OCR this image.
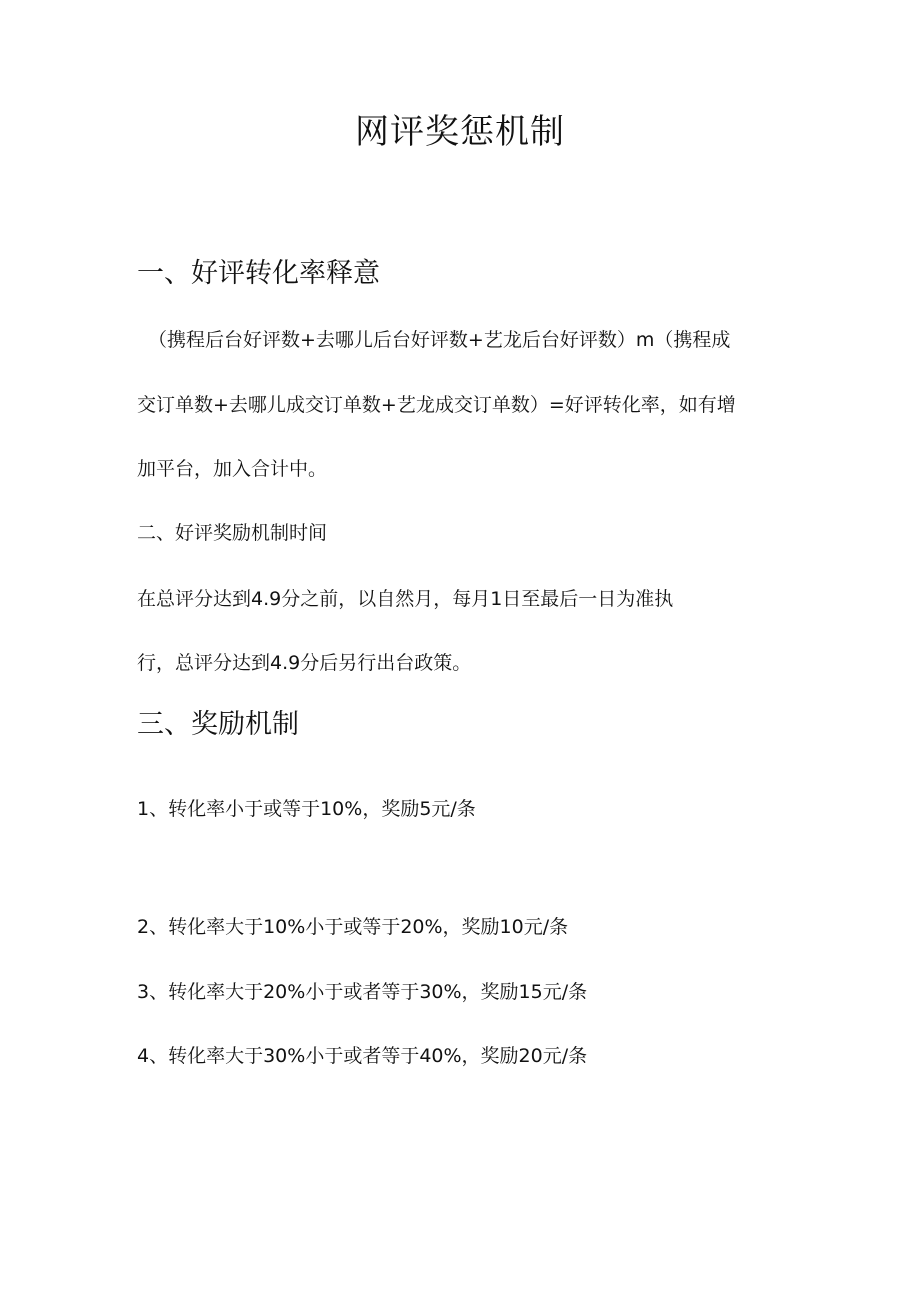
网评奖惩机制
一、好评转化率释意

（携程后台好评数+去哪儿后台好评数+艺龙后台好评数）m（携程成

交订单数+去哪儿成交订单数+艺龙成交订单数）=好评转化率，如有增

加平台，加入合计中。

二、好评奖励机制时间

在总评分达到4.9分之前，以自然月，每月1日至最后一日为准执

行，总评分达到4.9分后另行出台政策。

三、奖励机制

1、转化率小于或等于10%，奖励5元/条

2、转化率大于10%小于或等于20%，奖励10元/条

3、转化率大于20%小于或者等于30%，奖励15元/条

4、转化率大于30%小于或者等于40%，奖励20元/条
